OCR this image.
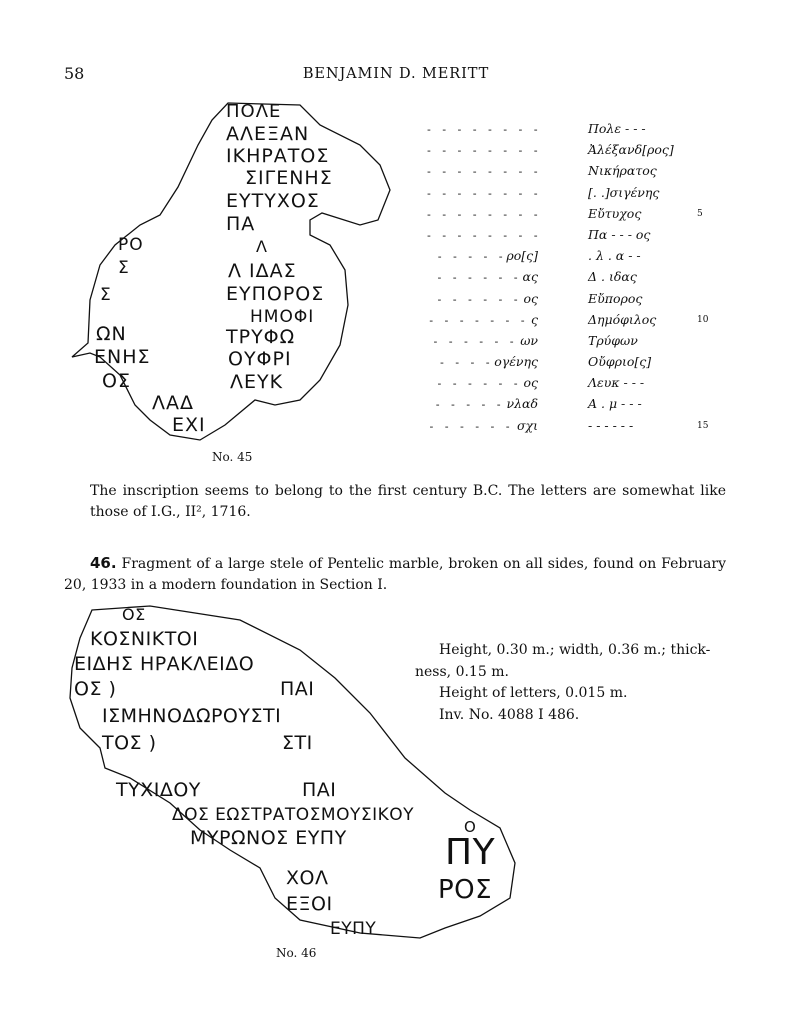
58	BENJAMIN D. MERITT
ΠΟΛΕ
ΑΛΕΞΑΝ
ΙΚΗΡΑΤΟΣ
ΣΙΓΕΝΗΣ
ΕΥΤΥΧΟΣ
ΠΑ
Λ
ΡΟ
Σ	Λ ΙΔΑΣ
Σ	ΕΥΠΟΡΟΣ
ΗΜΟΦΙ
ΩΝ	ΤΡΥΦΩ
ΕΝΗΣ	ΟΥΦΡΙ
ΟΣ	ΛΕΥΚ
ΛΑΔ
ΕΧΙ
No. 45
- - - - - - - -	Πολε - - -
- - - - - - - -	Ἀλέξανδ[ρος]
- - - - - - - -	Νικήρατος
- - - - - - - -	[. .]σιγένης
- - - - - - - -	Εὔτυχος	5
- - - - - - - -	Πα - - - ος
- - - - - ρο[ς]	. λ . α - -
- - - - - - ας	Δ . ιδας
- - - - - - ος	Εὔπορος
- - - - - - - ς	Δημόφιλος	10
- - - - - - ων	Τρύφων
- - - - ογένης	Οὔφριο[ς]
- - - - - - ος	Λευκ - - -
- - - - - νλαδ	Α . μ - - -
- - - - - - σχι	- - - - - -	15
The inscription seems to belong to the first century B.C. The letters are somewhat like those of I.G., II², 1716.
46. Fragment of a large stele of Pentelic marble, broken on all sides, found on February 20, 1933 in a modern foundation in Section Ι.
Height, 0.30 m.; width, 0.36 m.; thick-
ness, 0.15 m.
Height of letters, 0.015 m.
Inv. No. 4088 I 486.
ΟΣ
ΚΟΣΝΙΚΤΟΙ
ΕΙΔΗΣ ΗΡΑΚΛΕΙΔΟ
ΟΣ )	ΠΑΙ
ΙΣΜΗΝΟΔΩΡΟΥΣΤΙ
ΤΟΣ )	ΣΤΙ
ΤΥΧΙΔΟΥ	ΠΑΙ
ΔΟΣ ΕΩΣΤΡΑΤΟΣΜΟΥΣΙΚΟΥ
ΜΥΡΩΝΟΣ ΕΥΠΥ	Ο
ΠΥ
ΧΟΛ	ΡΟΣ
ΕΞΟΙ
ΕΥΠΥ
No. 46
